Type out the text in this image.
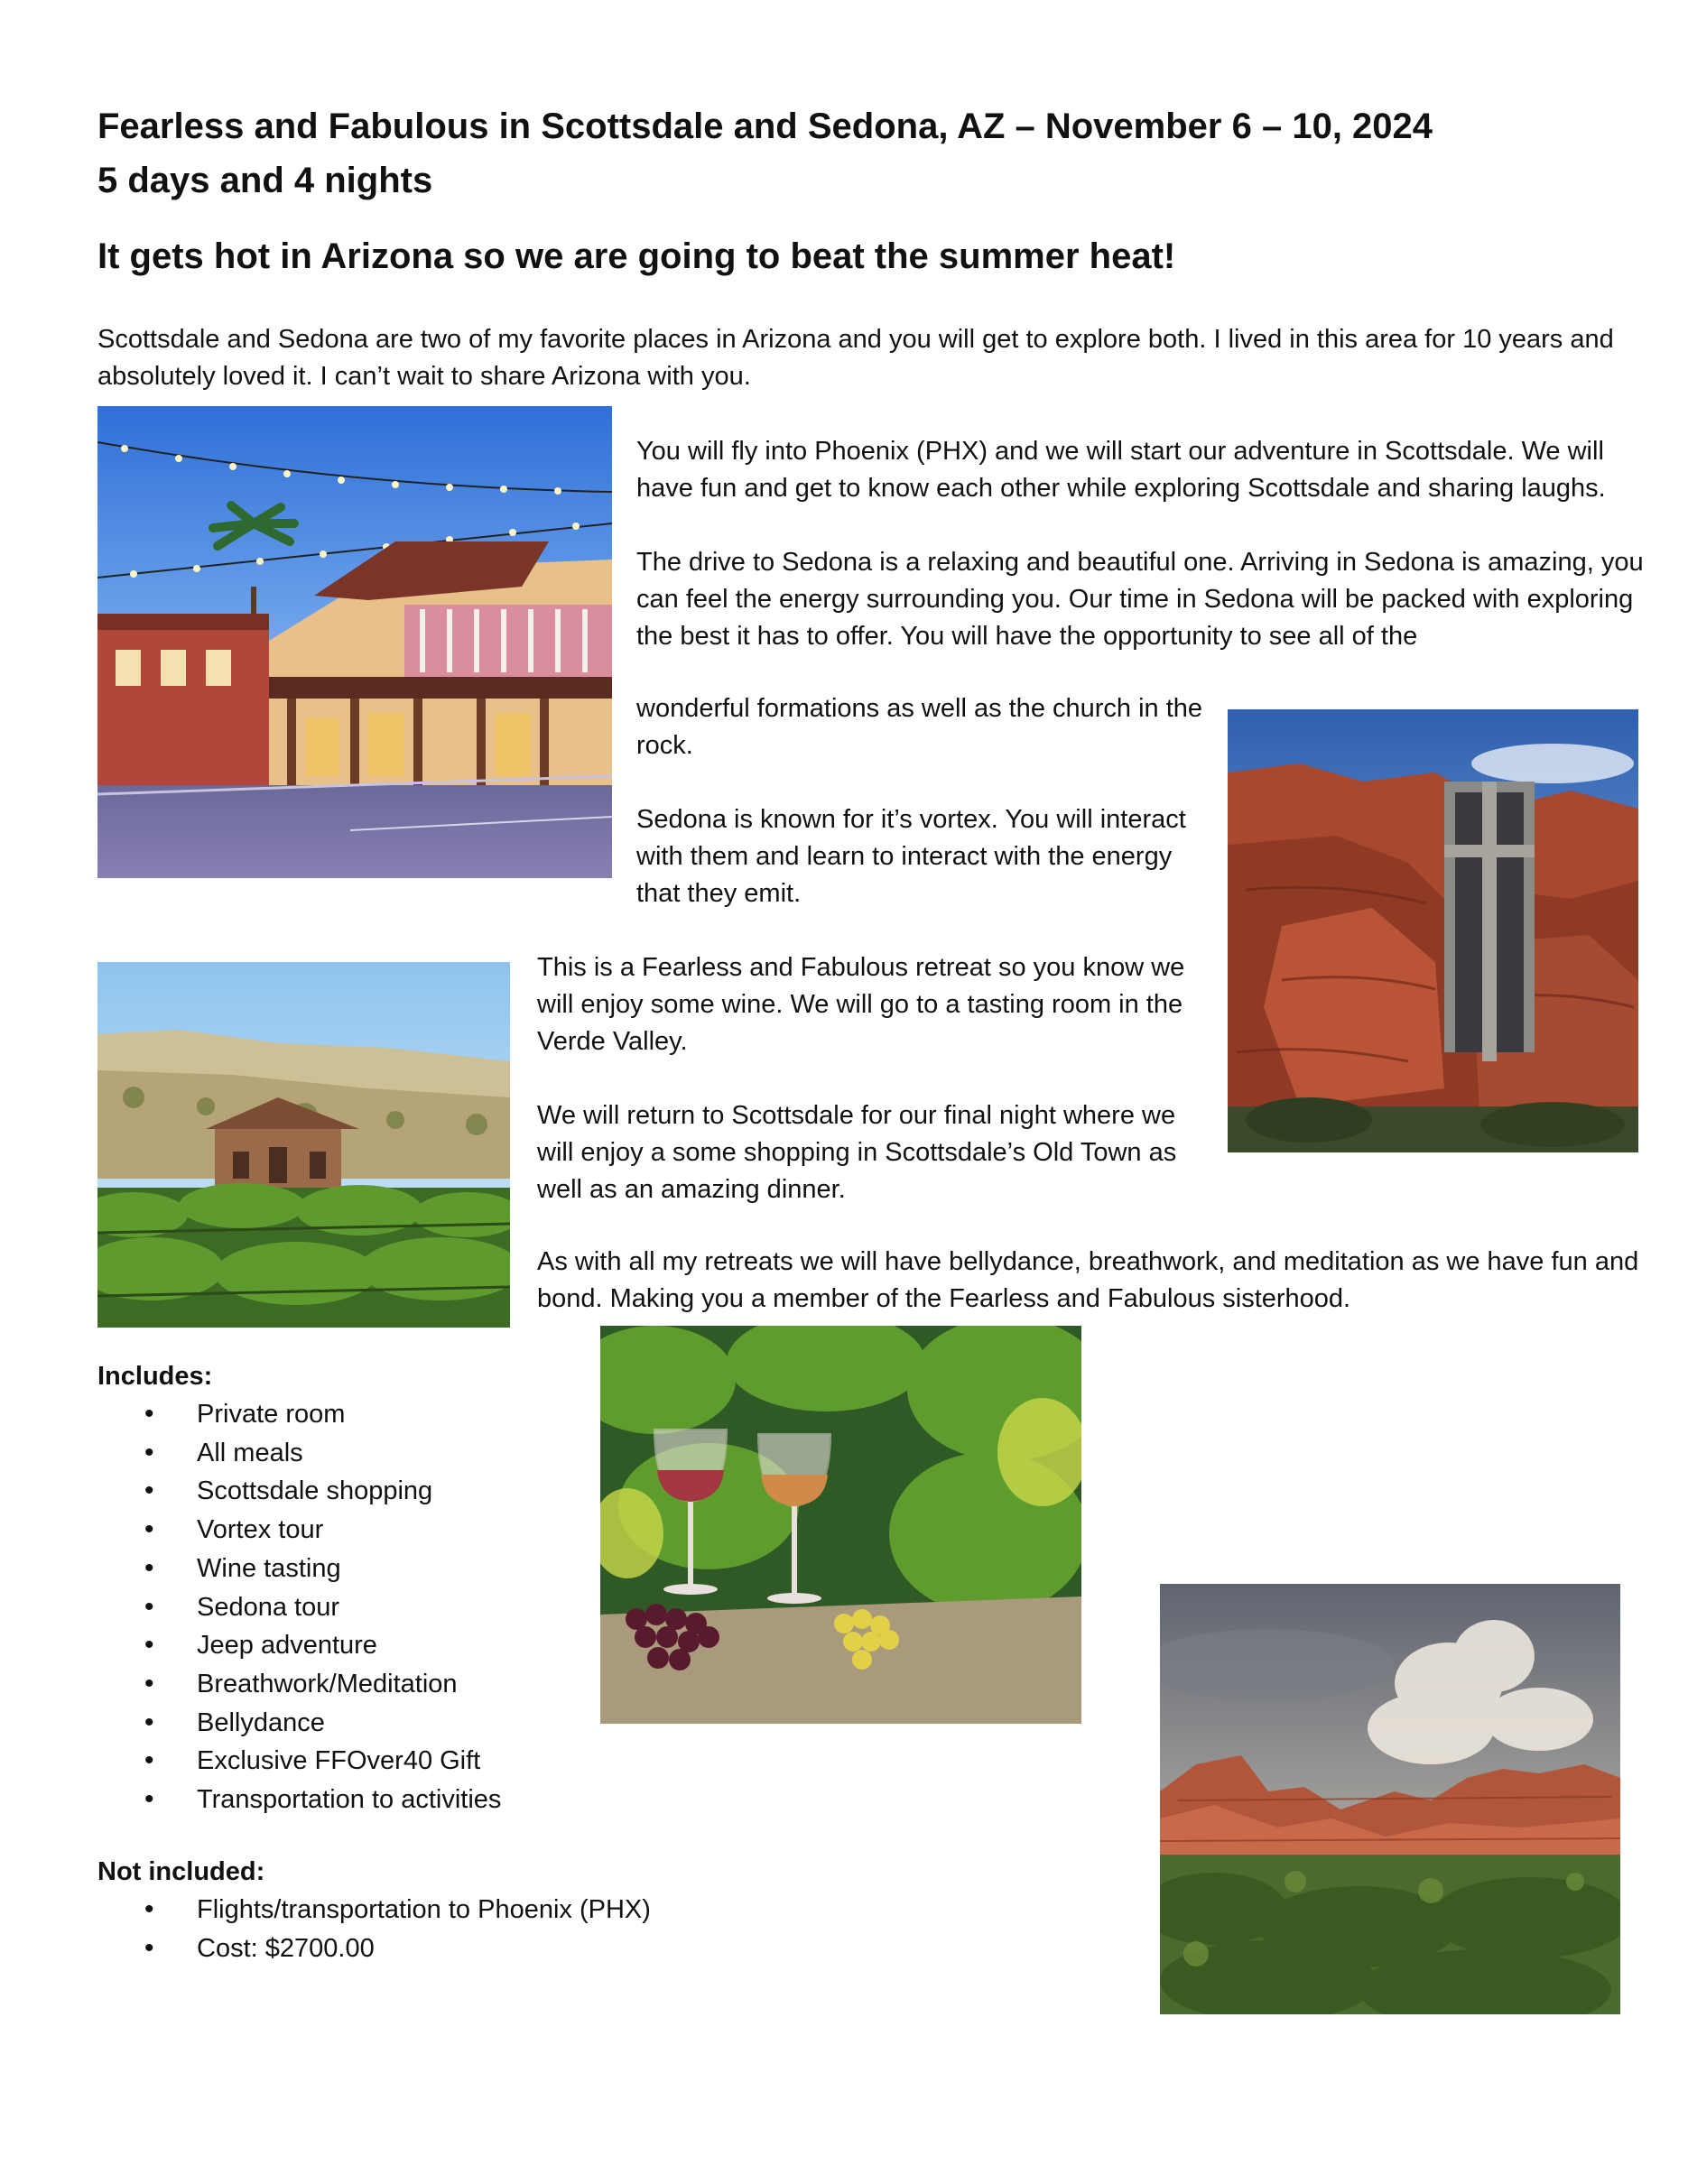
Fearless and Fabulous in Scottsdale and Sedona, AZ – November 6 – 10, 2024
5 days and 4 nights
It gets hot in Arizona so we are going to beat the summer heat!

Scottsdale and Sedona are two of my favorite places in Arizona and you will get to explore both. I lived in this area for 10 years and absolutely loved it. I can’t wait to share Arizona with you.

You will fly into Phoenix (PHX) and we will start our adventure in Scottsdale. We will have fun and get to know each other while exploring Scottsdale and sharing laughs.

The drive to Sedona is a relaxing and beautiful one. Arriving in Sedona is amazing, you can feel the energy surrounding you. Our time in Sedona will be packed with exploring the best it has to offer. You will have the opportunity to see all of the

wonderful formations as well as the church in the rock.

Sedona is known for it’s vortex. You will interact with them and learn to interact with the energy that they emit.

This is a Fearless and Fabulous retreat so you know we will enjoy some wine. We will go to a tasting room in the Verde Valley.

We will return to Scottsdale for our final night where we will enjoy a some shopping in Scottsdale’s Old Town as well as an amazing dinner.

As with all my retreats we will have bellydance, breathwork, and meditation as we have fun and bond. Making you a member of the Fearless and Fabulous sisterhood.

Includes:
• Private room
• All meals
• Scottsdale shopping
• Vortex tour
• Wine tasting
• Sedona tour
• Jeep adventure
• Breathwork/Meditation
• Bellydance
• Exclusive FFOver40 Gift
• Transportation to activities
Not included:
• Flights/transportation to Phoenix (PHX)
• Cost: $2700.00
